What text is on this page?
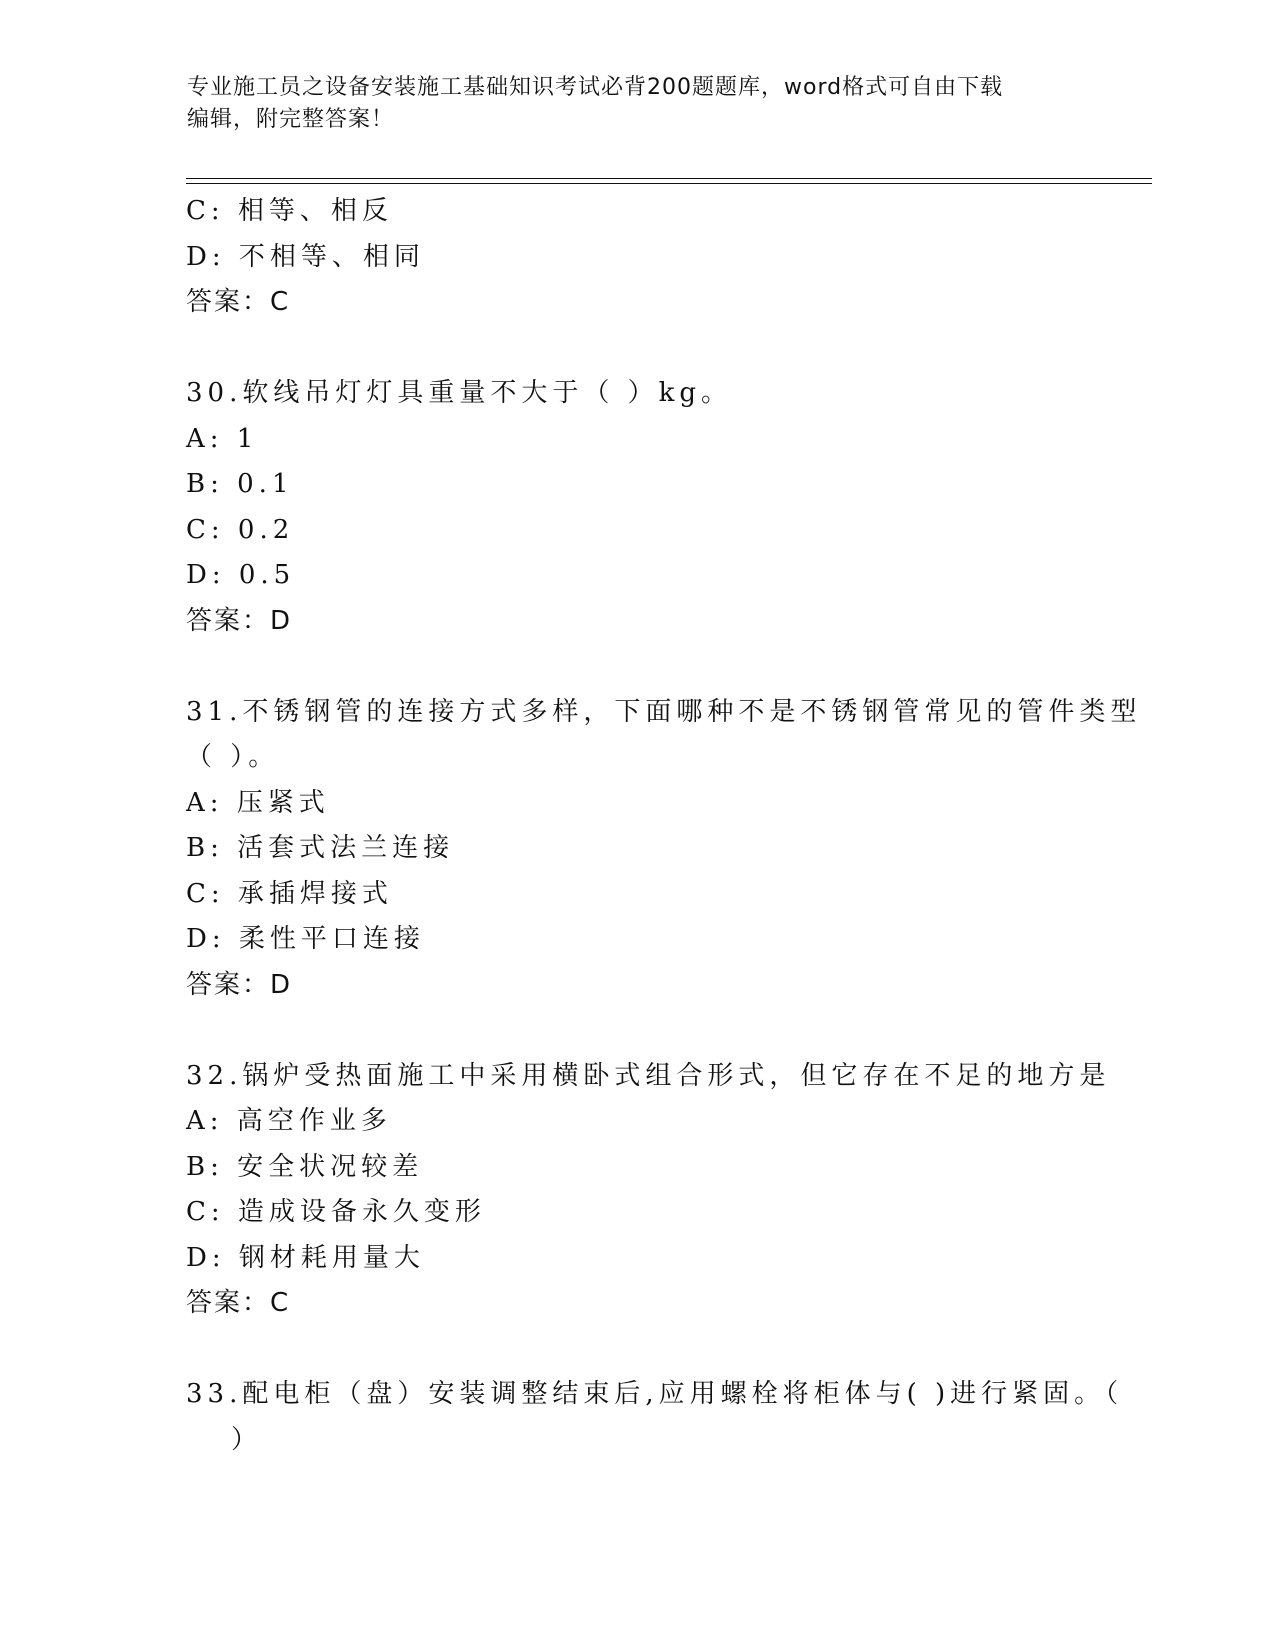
专业施工员之设备安装施工基础知识考试必背200题题库，word格式可自由下载
编辑，附完整答案！
C: 相等、相反
D: 不相等、相同
答案：C
30.软线吊灯灯具重量不大于（ ）kg。
A: 1
B: 0.1
C: 0.2
D: 0.5
答案：D
31.不锈钢管的连接方式多样，下面哪种不是不锈钢管常见的管件类型
（ ）。
A: 压紧式
B: 活套式法兰连接
C: 承插焊接式
D: 柔性平口连接
答案：D
32.锅炉受热面施工中采用横卧式组合形式，但它存在不足的地方是
A: 高空作业多
B: 安全状况较差
C: 造成设备永久变形
D: 钢材耗用量大
答案：C
33.配电柜（盘）安装调整结束后,应用螺栓将柜体与( )进行紧固。（
）
